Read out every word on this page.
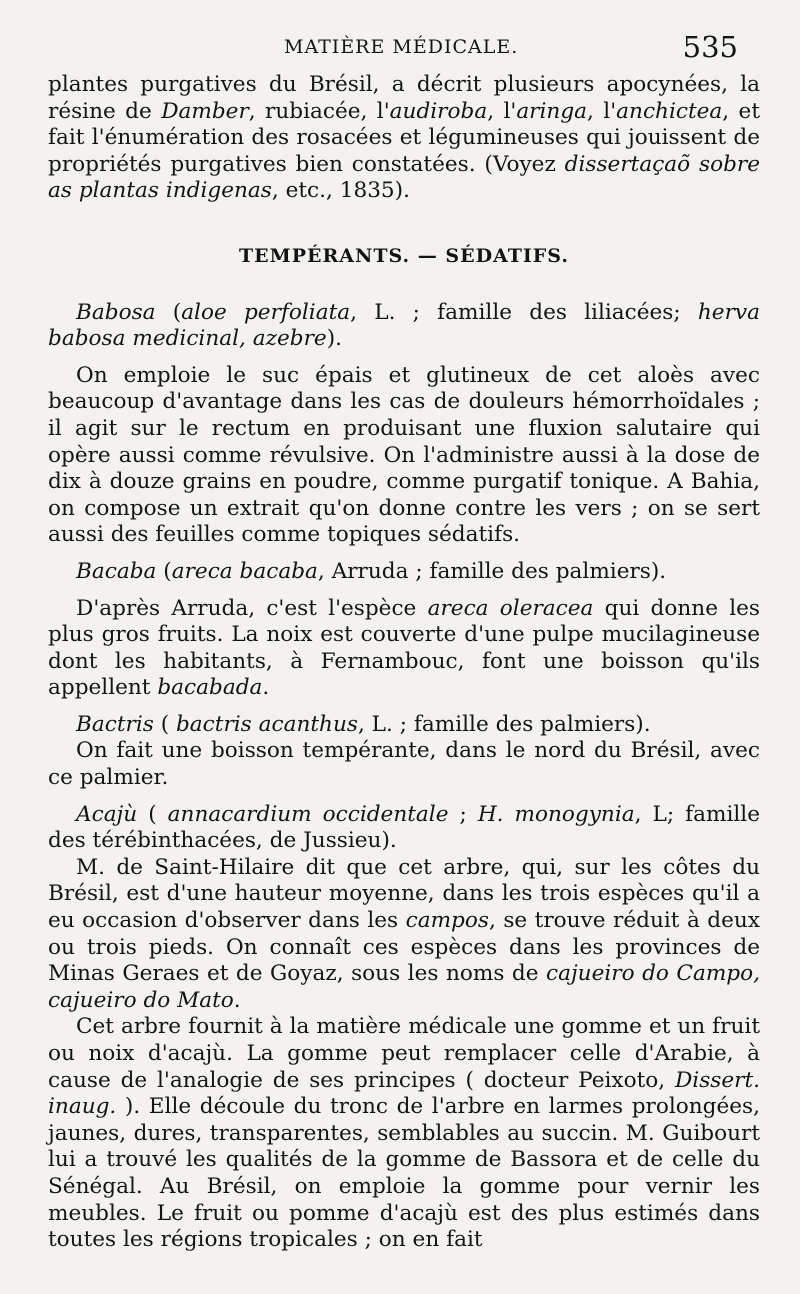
MATIÈRE MÉDICALE.	535

plantes purgatives du Brésil, a décrit plusieurs apocynées, la résine de Damber, rubiacée, l'audiroba, l'aringa, l'anchictea, et fait l'énumération des rosacées et légumineuses qui jouissent de propriétés purgatives bien constatées. (Voyez dissertaçaõ sobre as plantas indigenas, etc., 1835).

TEMPÉRANTS. — SÉDATIFS.

Babosa (aloe perfoliata, L. ; famille des liliacées; herva babosa medicinal, azebre).

On emploie le suc épais et glutineux de cet aloès avec beaucoup d'avantage dans les cas de douleurs hémorrhoïdales ; il agit sur le rectum en produisant une fluxion salutaire qui opère aussi comme révulsive. On l'administre aussi à la dose de dix à douze grains en poudre, comme purgatif tonique. A Bahia, on compose un extrait qu'on donne contre les vers ; on se sert aussi des feuilles comme topiques sédatifs.

Bacaba (areca bacaba, Arruda ; famille des palmiers).

D'après Arruda, c'est l'espèce areca oleracea qui donne les plus gros fruits. La noix est couverte d'une pulpe mucilagineuse dont les habitants, à Fernambouc, font une boisson qu'ils appellent bacabada.

Bactris ( bactris acanthus, L. ; famille des palmiers).

On fait une boisson tempérante, dans le nord du Brésil, avec ce palmier.

Acajù ( annacardium occidentale ; H. monogynia, L; famille des térébinthacées, de Jussieu).

M. de Saint-Hilaire dit que cet arbre, qui, sur les côtes du Brésil, est d'une hauteur moyenne, dans les trois espèces qu'il a eu occasion d'observer dans les campos, se trouve réduit à deux ou trois pieds. On connaît ces espèces dans les provinces de Minas Geraes et de Goyaz, sous les noms de cajueiro do Campo, cajueiro do Mato.

Cet arbre fournit à la matière médicale une gomme et un fruit ou noix d'acajù. La gomme peut remplacer celle d'Arabie, à cause de l'analogie de ses principes ( docteur Peixoto, Dissert. inaug. ). Elle découle du tronc de l'arbre en larmes prolongées, jaunes, dures, transparentes, semblables au succin. M. Guibourt lui a trouvé les qualités de la gomme de Bassora et de celle du Sénégal. Au Brésil, on emploie la gomme pour vernir les meubles. Le fruit ou pomme d'acajù est des plus estimés dans toutes les régions tropicales ; on en fait
